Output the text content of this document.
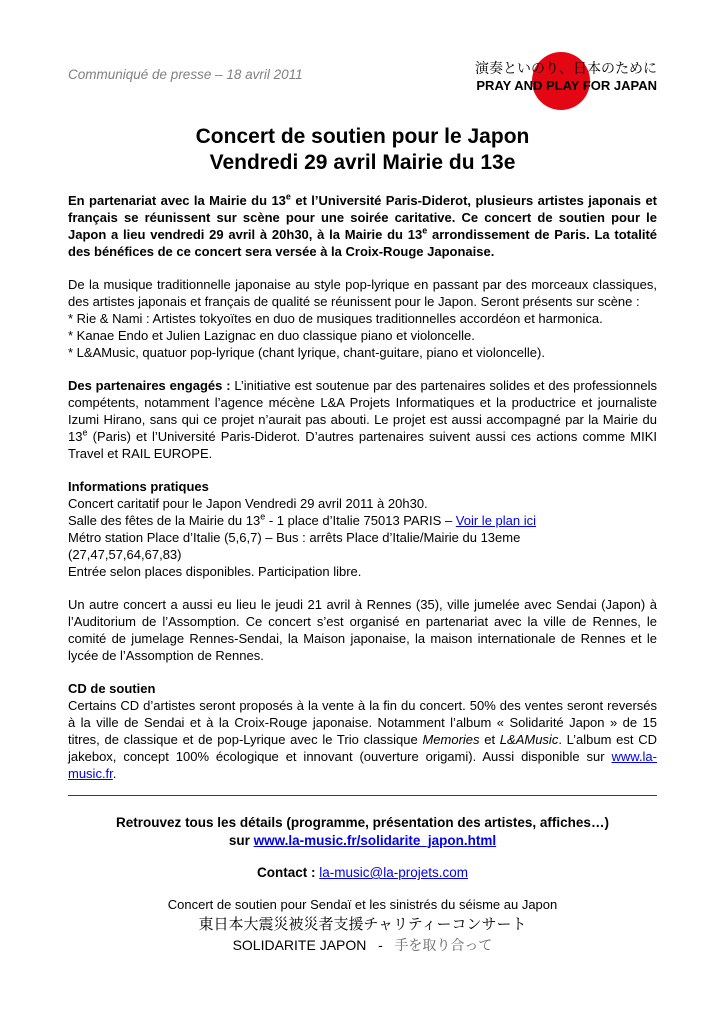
Communiqué de presse – 18 avril 2011	演奏といのり、日本のために
PRAY AND PLAY FOR JAPAN
Concert de soutien pour le Japon
Vendredi 29 avril Mairie du 13e

En partenariat avec la Mairie du 13e et l’Université Paris-Diderot, plusieurs artistes japonais et français se réunissent sur scène pour une soirée caritative. Ce concert de soutien pour le Japon a lieu vendredi 29 avril à 20h30, à la Mairie du 13e arrondissement de Paris. La totalité des bénéfices de ce concert sera versée à la Croix-Rouge Japonaise.

De la musique traditionnelle japonaise au style pop-lyrique en passant par des morceaux classiques, des artistes japonais et français de qualité se réunissent pour le Japon. Seront présents sur scène :

* Rie & Nami : Artistes tokyoïtes en duo de musiques traditionnelles accordéon et harmonica.
* Kanae Endo et Julien Lazignac en duo classique piano et violoncelle.
* L&AMusic, quatuor pop-lyrique (chant lyrique, chant-guitare, piano et violoncelle).

Des partenaires engagés : L’initiative est soutenue par des partenaires solides et des professionnels compétents, notamment l’agence mécène L&A Projets Informatiques et la productrice et journaliste Izumi Hirano, sans qui ce projet n’aurait pas abouti. Le projet est aussi accompagné par la Mairie du 13e (Paris) et l’Université Paris-Diderot. D’autres partenaires suivent aussi ces actions comme MIKI Travel et RAIL EUROPE.

Informations pratiques
Concert caritatif pour le Japon Vendredi 29 avril 2011 à 20h30.
Salle des fêtes de la Mairie du 13e - 1 place d’Italie 75013 PARIS – Voir le plan ici
Métro station Place d’Italie (5,6,7) – Bus : arrêts Place d’Italie/Mairie du 13eme
(27,47,57,64,67,83)
Entrée selon places disponibles. Participation libre.

Un autre concert a aussi eu lieu le jeudi 21 avril à Rennes (35), ville jumelée avec Sendai (Japon) à l’Auditorium de l’Assomption. Ce concert s’est organisé en partenariat avec la ville de Rennes, le comité de jumelage Rennes-Sendai, la Maison japonaise, la maison internationale de Rennes et le lycée de l’Assomption de Rennes.

CD de soutien

Certains CD d’artistes seront proposés à la vente à la fin du concert. 50% des ventes seront reversés à la ville de Sendai et à la Croix-Rouge japonaise. Notamment l’album « Solidarité Japon » de 15 titres, de classique et de pop-Lyrique avec le Trio classique Memories et L&AMusic. L’album est CD jakebox, concept 100% écologique et innovant (ouverture origami). Aussi disponible sur www.la-music.fr.

Retrouvez tous les détails (programme, présentation des artistes, affiches…)
sur www.la-music.fr/solidarite_japon.html
Contact : la-music@la-projets.com
Concert de soutien pour Sendaï et les sinistrés du séisme au Japon
東日本大震災被災者支援チャリティーコンサート
SOLIDARITE JAPON - 手を取り合って
